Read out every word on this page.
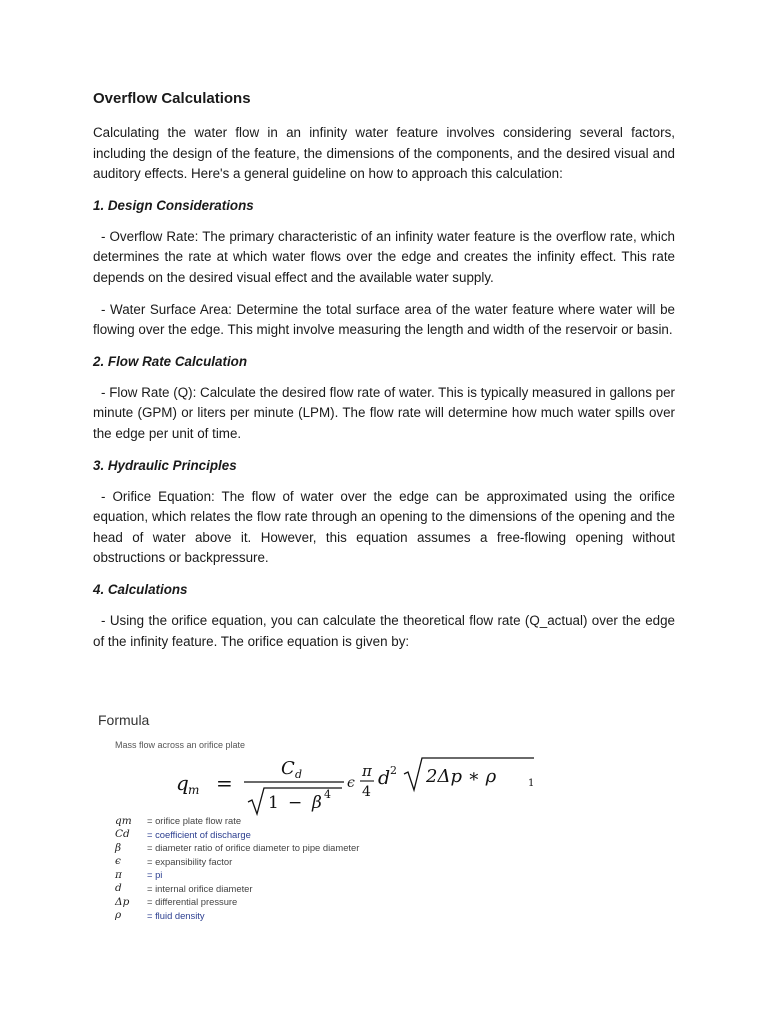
Overflow Calculations

Calculating the water flow in an infinity water feature involves considering several factors, including the design of the feature, the dimensions of the components, and the desired visual and auditory effects. Here's a general guideline on how to approach this calculation:

1. Design Considerations

- Overflow Rate: The primary characteristic of an infinity water feature is the overflow rate, which determines the rate at which water flows over the edge and creates the infinity effect. This rate depends on the desired visual effect and the available water supply.

- Water Surface Area: Determine the total surface area of the water feature where water will be flowing over the edge. This might involve measuring the length and width of the reservoir or basin.

2. Flow Rate Calculation

- Flow Rate (Q): Calculate the desired flow rate of water. This is typically measured in gallons per minute (GPM) or liters per minute (LPM). The flow rate will determine how much water spills over the edge per unit of time.

3. Hydraulic Principles

- Orifice Equation: The flow of water over the edge can be approximated using the orifice equation, which relates the flow rate through an opening to the dimensions of the opening and the head of water above it. However, this equation assumes a free-flowing opening without obstructions or backpressure.

4. Calculations

- Using the orifice equation, you can calculate the theoretical flow rate (Q_actual) over the edge of the infinity feature. The orifice equation is given by:

Formula
Mass flow across an orifice plate
q m =
C d
1 − β 4
ϵ
π
4
d 2 2Δp ∗ ρ	1
qm	= orifice plate flow rate
Cd	= coefficient of discharge
β	= diameter ratio of orifice diameter to pipe diameter
ϵ	= expansibility factor
π	= pi
d	= internal orifice diameter
Δp	= differential pressure
ρ	= fluid density
